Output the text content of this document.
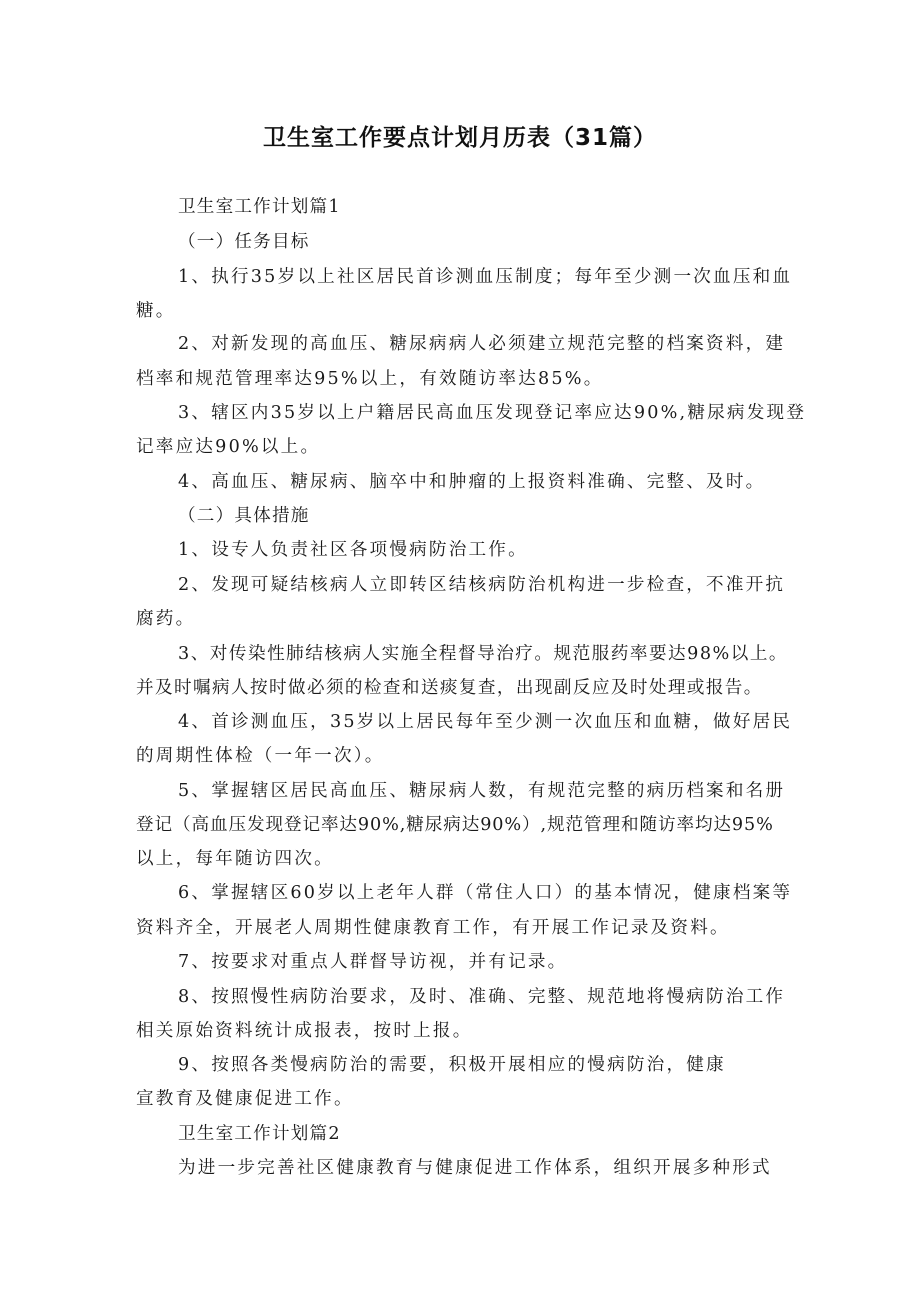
卫生室工作要点计划月历表（31篇）
卫生室工作计划篇1
（一）任务目标
1、执行35岁以上社区居民首诊测血压制度；每年至少测一次血压和血
糖。
2、对新发现的高血压、糖尿病病人必须建立规范完整的档案资料，建
档率和规范管理率达95%以上，有效随访率达85%。
3、辖区内35岁以上户籍居民高血压发现登记率应达90%,糖尿病发现登
记率应达90%以上。
4、高血压、糖尿病、脑卒中和肿瘤的上报资料准确、完整、及时。
（二）具体措施
1、设专人负责社区各项慢病防治工作。
2、发现可疑结核病人立即转区结核病防治机构进一步检查，不准开抗
腐药。
3、对传染性肺结核病人实施全程督导治疗。规范服药率要达98%以上。
并及时嘱病人按时做必须的检查和送痰复查，出现副反应及时处理或报告。
4、首诊测血压，35岁以上居民每年至少测一次血压和血糖，做好居民
的周期性体检（一年一次）。
5、掌握辖区居民高血压、糖尿病人数，有规范完整的病历档案和名册
登记（高血压发现登记率达90%,糖尿病达90%）,规范管理和随访率均达95%
以上，每年随访四次。
6、掌握辖区60岁以上老年人群（常住人口）的基本情况，健康档案等
资料齐全，开展老人周期性健康教育工作，有开展工作记录及资料。
7、按要求对重点人群督导访视，并有记录。
8、按照慢性病防治要求，及时、准确、完整、规范地将慢病防治工作
相关原始资料统计成报表，按时上报。
9、按照各类慢病防治的需要，积极开展相应的慢病防治，健康
宣教育及健康促进工作。
卫生室工作计划篇2
为进一步完善社区健康教育与健康促进工作体系，组织开展多种形式
